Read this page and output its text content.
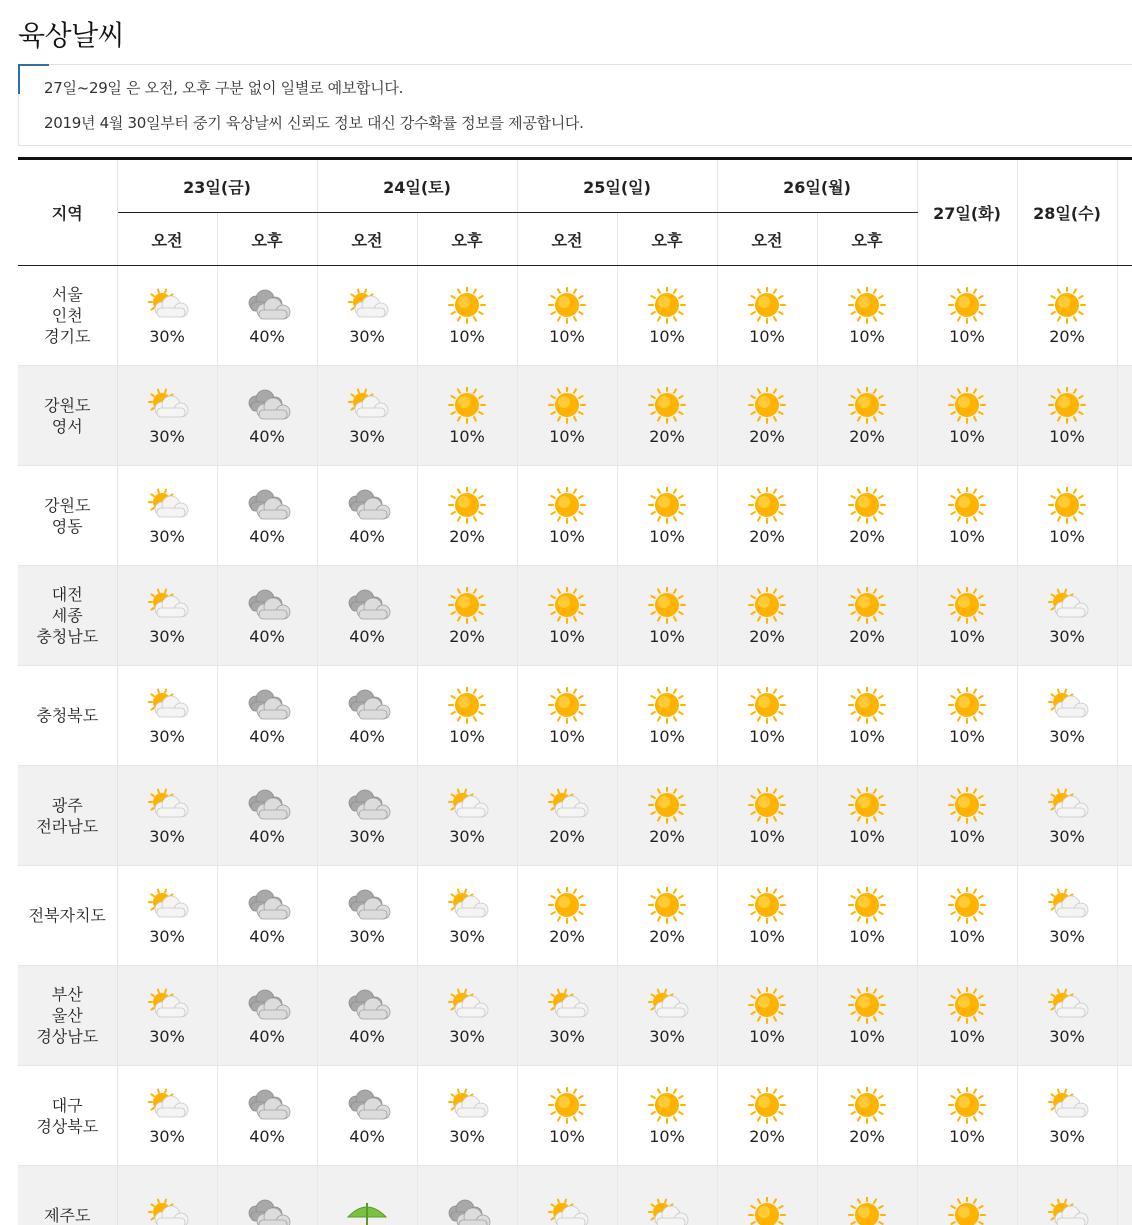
육상날씨

27일~29일 은 오전, 오후 구분 없이 일별로 예보합니다.

2019년 4월 30일부터 중기 육상날씨 신뢰도 정보 대신 강수확률 정보를 제공합니다.

지역	23일(금)		24일(토)		25일(일)		26일(월)		27일(화)	28일(수)	
	오전	오후	오전	오후	오전	오후	오전	오후			

서울
인천
경기도	30%	40%	30%	10%	10%	10%	10%	10%	10%	20%	

강원도
영서	30%	40%	30%	10%	10%	20%	20%	20%	10%	10%	

강원도
영동	30%	40%	40%	20%	10%	10%	20%	20%	10%	10%	

대전
세종
충청남도	30%	40%	40%	20%	10%	10%	20%	20%	10%	30%	

충청북도	30%	40%	40%	10%	10%	10%	10%	10%	10%	30%	

광주
전라남도	30%	40%	30%	30%	20%	20%	10%	10%	10%	30%	

전북자치도	30%	40%	30%	30%	20%	20%	10%	10%	10%	30%	

부산
울산
경상남도	30%	40%	40%	30%	30%	30%	10%	10%	10%	30%	

대구
경상북도	30%	40%	40%	30%	10%	10%	20%	20%	10%	30%	

제주도
